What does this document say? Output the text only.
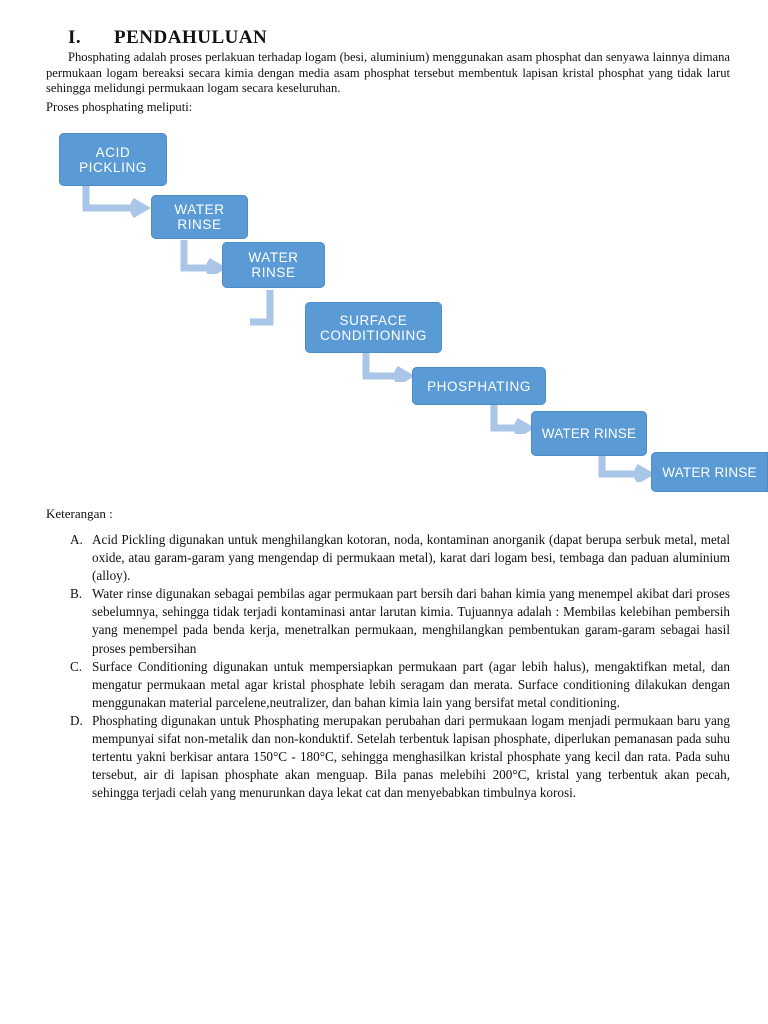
I. PENDAHULUAN

Phosphating adalah proses perlakuan terhadap logam (besi, aluminium) menggunakan asam phosphat dan senyawa lainnya dimana permukaan logam bereaksi secara kimia dengan media asam phosphat tersebut membentuk lapisan kristal phosphat yang tidak larut sehingga melidungi permukaan logam secara keseluruhan.

Proses phosphating meliputi:

ACID
PICKLING
WATER
RINSE
WATER
RINSE
SURFACE
CONDITIONING
PHOSPHATING
WATER RINSE
WATER RINSE

Keterangan :

A. Acid Pickling digunakan untuk menghilangkan kotoran, noda, kontaminan anorganik (dapat berupa serbuk metal, metal oxide, atau garam-garam yang mengendap di permukaan metal), karat dari logam besi, tembaga dan paduan aluminium (alloy).
B. Water rinse digunakan sebagai pembilas agar permukaan part bersih dari bahan kimia yang menempel akibat dari proses sebelumnya, sehingga tidak terjadi kontaminasi antar larutan kimia. Tujuannya adalah : Membilas kelebihan pembersih yang menempel pada benda kerja, menetralkan permukaan, menghilangkan pembentukan garam-garam sebagai hasil proses pembersihan
C. Surface Conditioning digunakan untuk mempersiapkan permukaan part (agar lebih halus), mengaktifkan metal, dan mengatur permukaan metal agar kristal phosphate lebih seragam dan merata. Surface conditioning dilakukan dengan menggunakan material parcelene,neutralizer, dan bahan kimia lain yang bersifat metal conditioning.
D. Phosphating digunakan untuk Phosphating merupakan perubahan dari permukaan logam menjadi permukaan baru yang mempunyai sifat non-metalik dan non-konduktif. Setelah terbentuk lapisan phosphate, diperlukan pemanasan pada suhu tertentu yakni berkisar antara 150°C - 180°C, sehingga menghasilkan kristal phosphate yang kecil dan rata. Pada suhu tersebut, air di lapisan phosphate akan menguap. Bila panas melebihi 200°C, kristal yang terbentuk akan pecah, sehingga terjadi celah yang menurunkan daya lekat cat dan menyebabkan timbulnya korosi.
